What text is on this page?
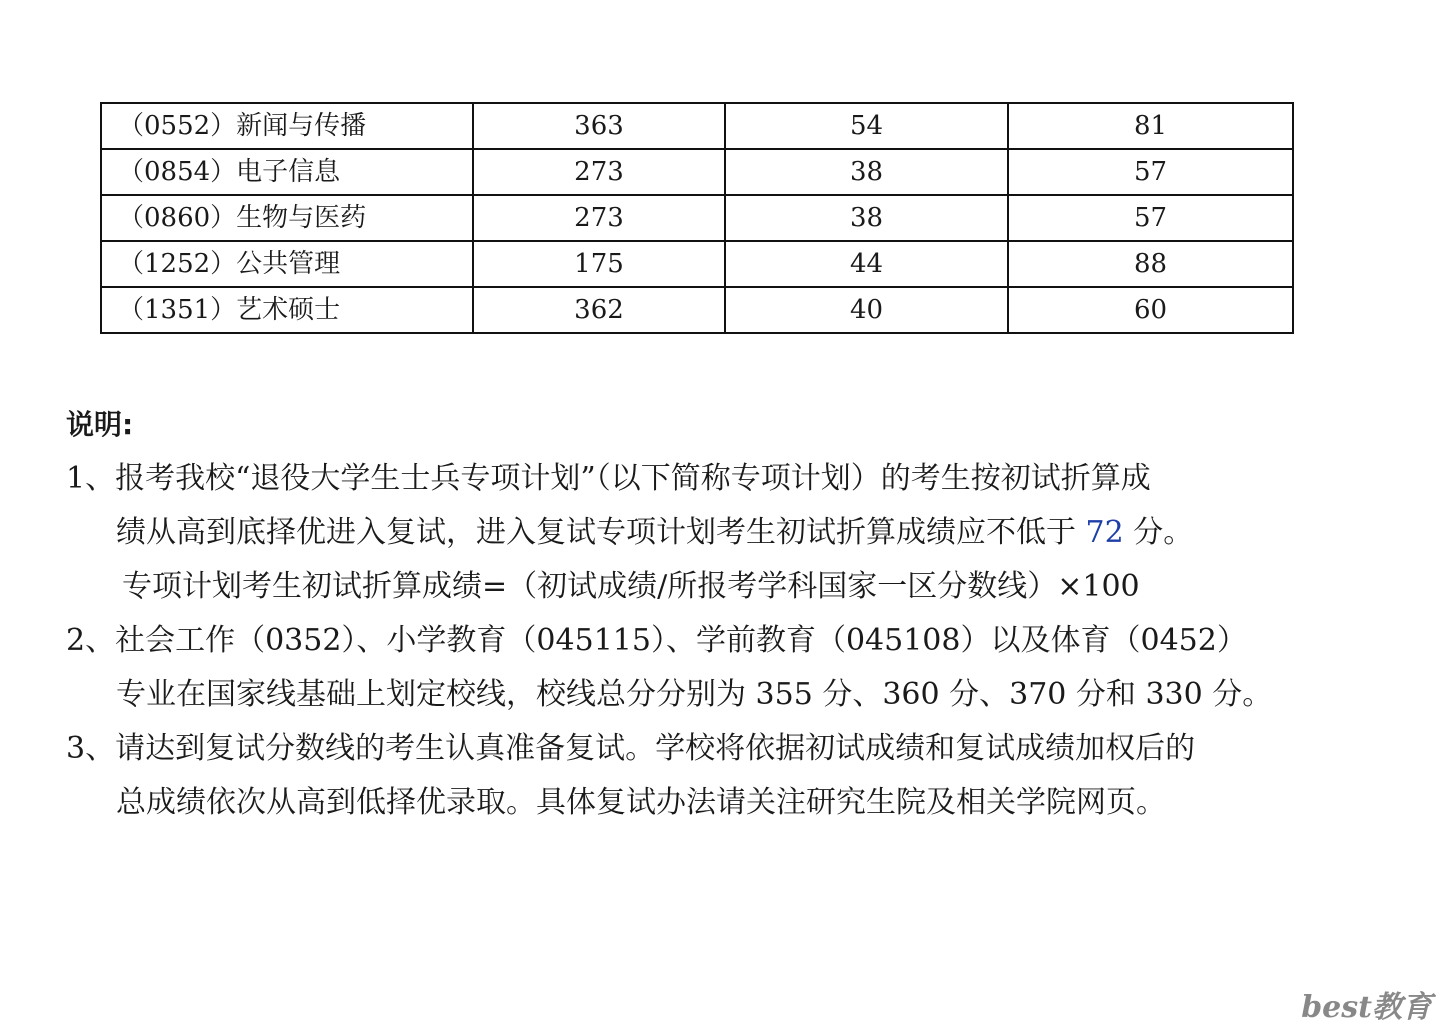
（0552）新闻与传播	363	54	81
（0854）电子信息	273	38	57
（0860）生物与医药	273	38	57
（1252）公共管理	175	44	88
（1351）艺术硕士	362	40	60
说明:
1、报考我校“退役大学生士兵专项计划”（以下简称专项计划）的考生按初试折算成
绩从高到底择优进入复试，进入复试专项计划考生初试折算成绩应不低于 72 分。
专项计划考生初试折算成绩=（初试成绩/所报考学科国家一区分数线）×100
2、社会工作（0352）、小学教育（045115）、学前教育（045108）以及体育（0452）
专业在国家线基础上划定校线，校线总分分别为 355 分、360 分、370 分和 330 分。
3、请达到复试分数线的考生认真准备复试。学校将依据初试成绩和复试成绩加权后的
总成绩依次从高到低择优录取。具体复试办法请关注研究生院及相关学院网页。
best教育
